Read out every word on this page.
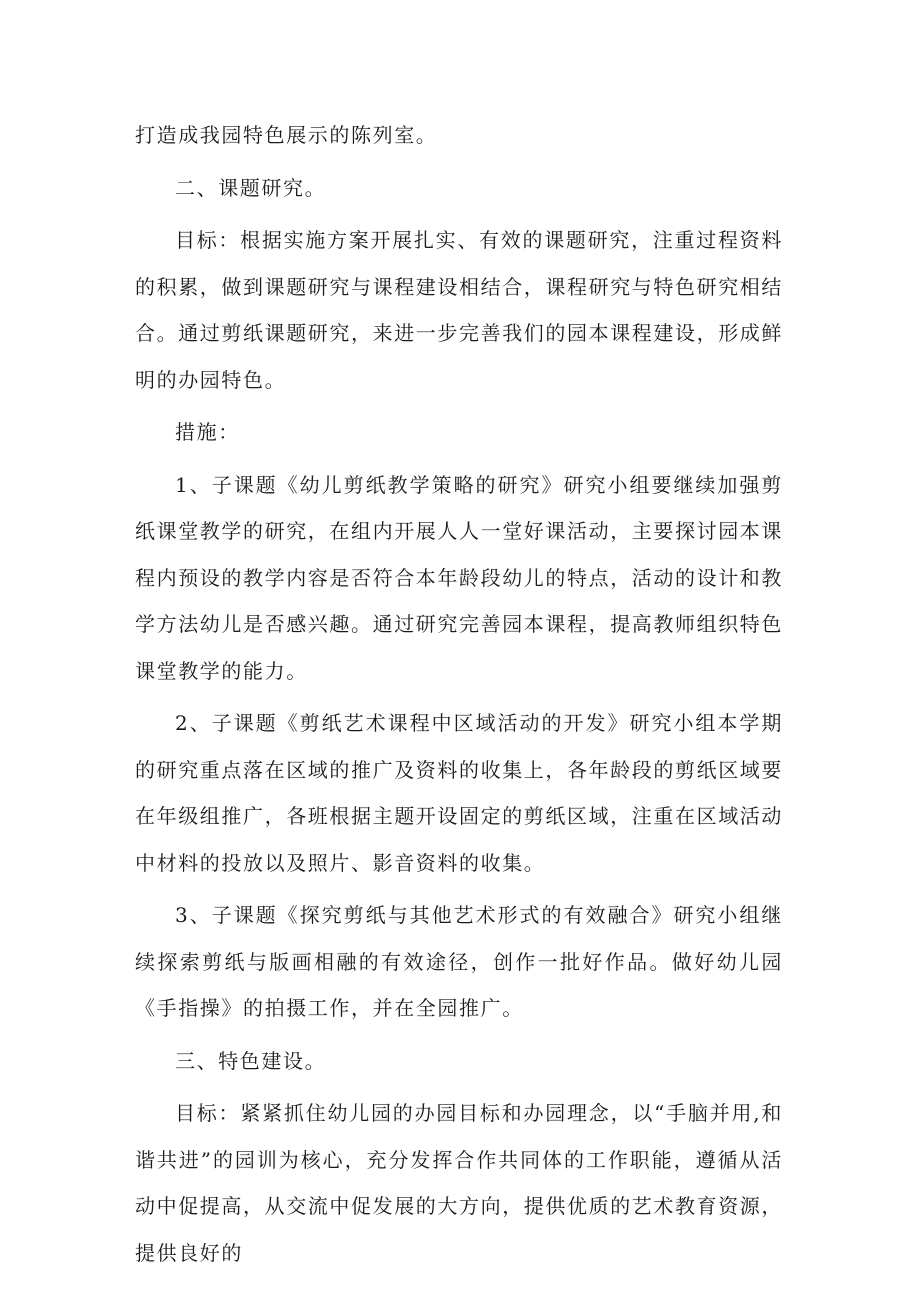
打造成我园特色展示的陈列室。

二、课题研究。

目标：根据实施方案开展扎实、有效的课题研究，注重过程资料的积累，做到课题研究与课程建设相结合，课程研究与特色研究相结合。通过剪纸课题研究，来进一步完善我们的园本课程建设，形成鲜明的办园特色。

措施：

1、子课题《幼儿剪纸教学策略的研究》研究小组要继续加强剪纸课堂教学的研究，在组内开展人人一堂好课活动，主要探讨园本课程内预设的教学内容是否符合本年龄段幼儿的特点，活动的设计和教学方法幼儿是否感兴趣。通过研究完善园本课程，提高教师组织特色课堂教学的能力。

2、子课题《剪纸艺术课程中区域活动的开发》研究小组本学期的研究重点落在区域的推广及资料的收集上，各年龄段的剪纸区域要在年级组推广，各班根据主题开设固定的剪纸区域，注重在区域活动中材料的投放以及照片、影音资料的收集。

3、子课题《探究剪纸与其他艺术形式的有效融合》研究小组继续探索剪纸与版画相融的有效途径，创作一批好作品。做好幼儿园《手指操》的拍摄工作，并在全园推广。

三、特色建设。

目标：紧紧抓住幼儿园的办园目标和办园理念，以“手脑并用,和谐共进”的园训为核心，充分发挥合作共同体的工作职能，遵循从活动中促提高，从交流中促发展的大方向，提供优质的艺术教育资源，提供良好的
